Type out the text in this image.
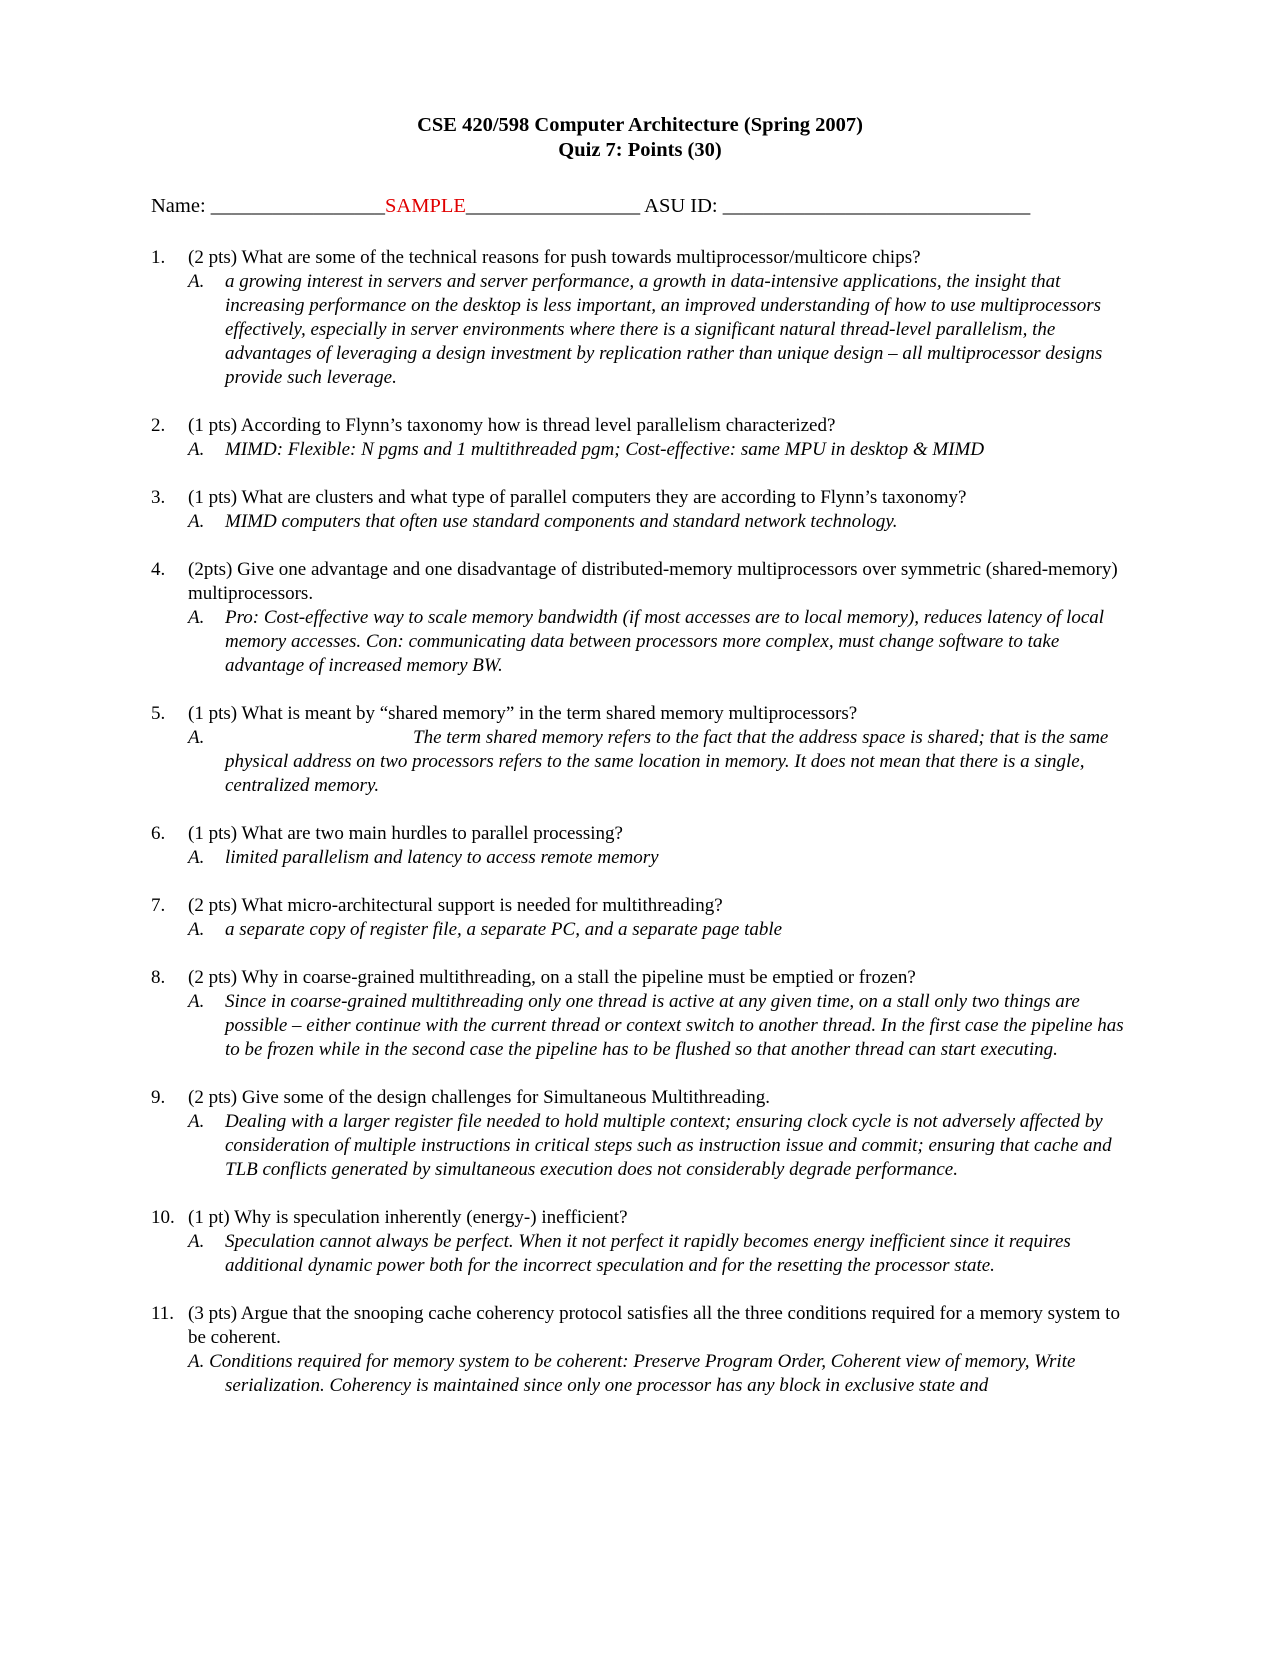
CSE 420/598 Computer Architecture (Spring 2007)
Quiz 7: Points (30)
Name: _________________SAMPLE_________________ ASU ID: ______________________________
1.	(2 pts) What are some of the technical reasons for push towards multiprocessor/multicore chips?
A.	a growing interest in servers and server performance, a growth in data-intensive applications, the insight that increasing performance on the desktop is less important, an improved understanding of how to use multiprocessors effectively, especially in server environments where there is a significant natural thread-level parallelism, the advantages of leveraging a design investment by replication rather than unique design – all multiprocessor designs provide such leverage.
2.	(1 pts) According to Flynn’s taxonomy how is thread level parallelism characterized?
A.	MIMD: Flexible: N pgms and 1 multithreaded pgm; Cost-effective: same MPU in desktop & MIMD
3.	(1 pts) What are clusters and what type of parallel computers they are according to Flynn’s taxonomy?
A.	MIMD computers that often use standard components and standard network technology.
4.	(2pts) Give one advantage and one disadvantage of distributed-memory multiprocessors over symmetric (shared-memory) multiprocessors.
A.	Pro: Cost-effective way to scale memory bandwidth (if most accesses are to local memory), reduces latency of local memory accesses. Con: communicating data between processors more complex, must change software to take advantage of increased memory BW.
5.	(1 pts) What is meant by “shared memory” in the term shared memory multiprocessors?
A.	The term shared memory refers to the fact that the address space is shared; that is the same physical address on two processors refers to the same location in memory. It does not mean that there is a single, centralized memory.
6.	(1 pts) What are two main hurdles to parallel processing?
A.	limited parallelism and latency to access remote memory
7.	(2 pts) What micro-architectural support is needed for multithreading?
A.	a separate copy of register file, a separate PC, and a separate page table
8.	(2 pts) Why in coarse-grained multithreading, on a stall the pipeline must be emptied or frozen?
A.	Since in coarse-grained multithreading only one thread is active at any given time, on a stall only two things are possible – either continue with the current thread or context switch to another thread. In the first case the pipeline has to be frozen while in the second case the pipeline has to be flushed so that another thread can start executing.
9.	(2 pts) Give some of the design challenges for Simultaneous Multithreading.
A.	Dealing with a larger register file needed to hold multiple context; ensuring clock cycle is not adversely affected by consideration of multiple instructions in critical steps such as instruction issue and commit; ensuring that cache and TLB conflicts generated by simultaneous execution does not considerably degrade performance.
10. (1 pt) Why is speculation inherently (energy-) inefficient?
A.	Speculation cannot always be perfect. When it not perfect it rapidly becomes energy inefficient since it requires additional dynamic power both for the incorrect speculation and for the resetting the processor state.
11. (3 pts) Argue that the snooping cache coherency protocol satisfies all the three conditions required for a memory system to be coherent.
A. Conditions required for memory system to be coherent: Preserve Program Order, Coherent view of memory, Write serialization. Coherency is maintained since only one processor has any block in exclusive state and
